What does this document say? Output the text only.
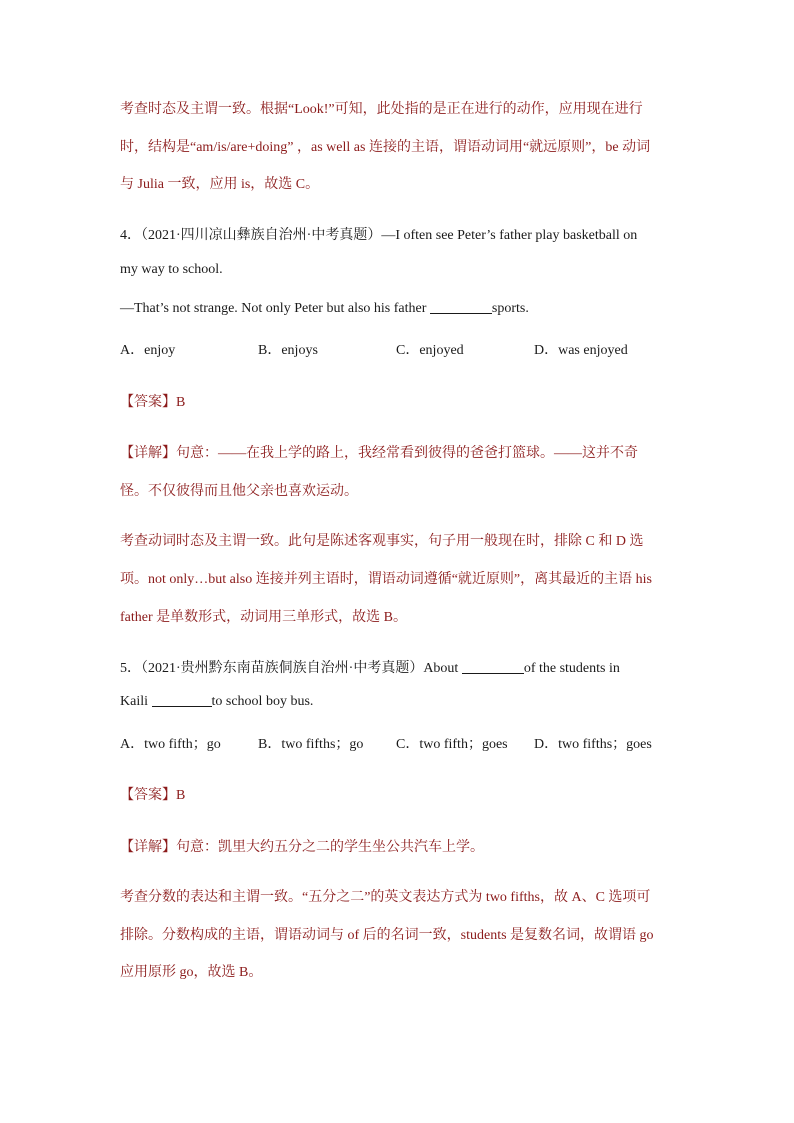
考查时态及主谓一致。根据“Look!”可知，此处指的是正在进行的动作，应用现在进行
时，结构是“am/is/are+doing” ，as well as 连接的主语，谓语动词用“就远原则”，be 动词
与 Julia 一致，应用 is，故选 C。
4．（2021·四川凉山彝族自治州·中考真题）—I often see Peter’s father play basketball on
my way to school.
—That’s not strange. Not only Peter but also his father	sports.
A．enjoy	B．enjoys	C．enjoyed	D．was enjoyed
【答案】B
【详解】句意：——在我上学的路上，我经常看到彼得的爸爸打篮球。——这并不奇
怪。不仅彼得而且他父亲也喜欢运动。
考查动词时态及主谓一致。此句是陈述客观事实，句子用一般现在时，排除 C 和 D 选
项。not only…but also 连接并列主语时，谓语动词遵循“就近原则”，离其最近的主语 his
father 是单数形式，动词用三单形式，故选 B。
5．（2021·贵州黔东南苗族侗族自治州·中考真题）About	of the students in
Kaili	to school boy bus.
A．two fifth；go	B．two fifths；go C．two fifth；goes D．two fifths；goes
【答案】B
【详解】句意：凯里大约五分之二的学生坐公共汽车上学。
考查分数的表达和主谓一致。“五分之二”的英文表达方式为 two fifths，故 A、C 选项可
排除。分数构成的主语，谓语动词与 of 后的名词一致，students 是复数名词，故谓语 go
应用原形 go，故选 B。
